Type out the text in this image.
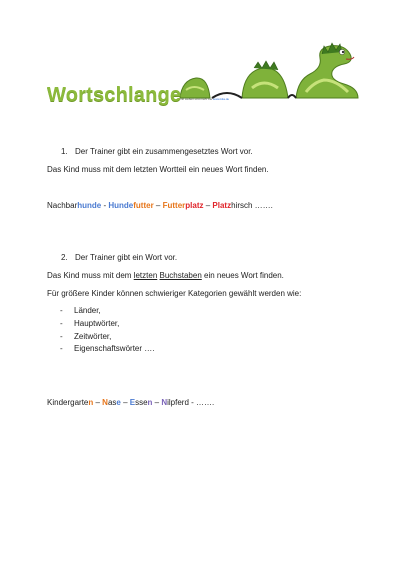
Wortschlange
mit Lieben und mehr bei www.kita.de
1. Der Trainer gibt ein zusammengesetztes Wort vor.
Das Kind muss mit dem letzten Wortteil ein neues Wort finden.
Nachbarhunde - Hundefutter – Futterplatz – Platzhirsch …….
2. Der Trainer gibt ein Wort vor.
Das Kind muss mit dem letzten Buchstaben ein neues Wort finden.
Für größere Kinder können schwieriger Kategorien gewählt werden wie:
- Länder,
- Hauptwörter,
- Zeitwörter,
- Eigenschaftswörter ….
Kindergarten – Nase – Essen – Nilpferd - …….
